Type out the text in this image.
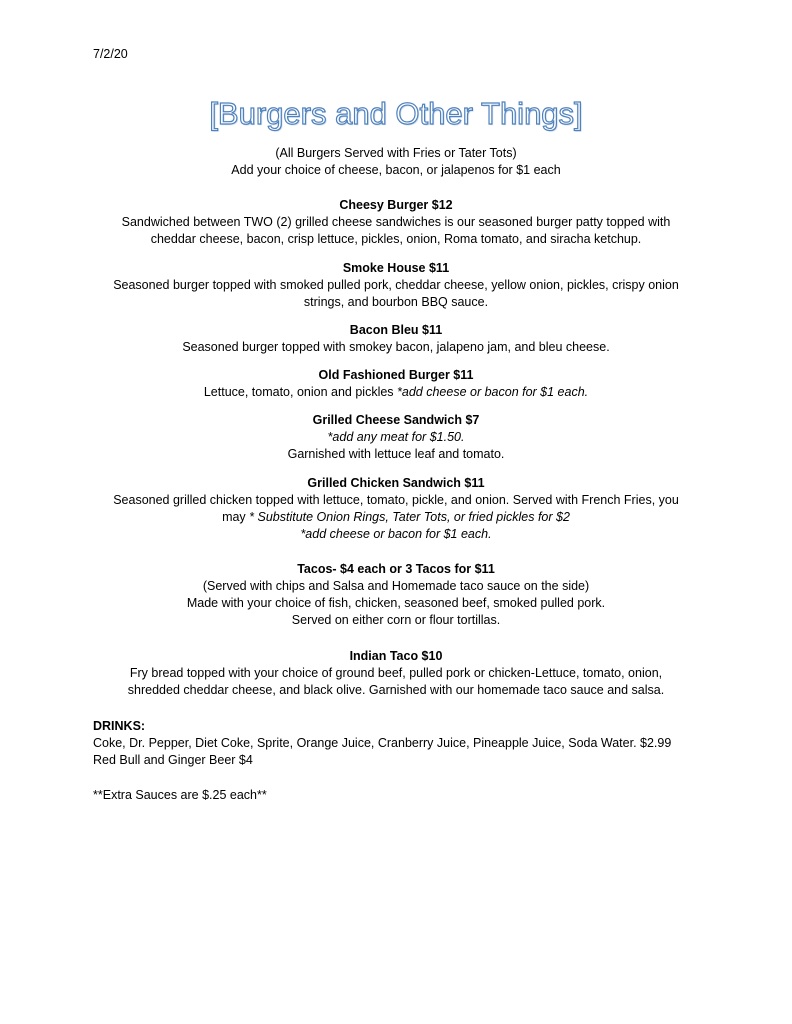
7/2/20
[Burgers and Other Things]

(All Burgers Served with Fries or Tater Tots)

Add your choice of cheese, bacon, or jalapenos for $1 each

Cheesy Burger $12

Sandwiched between TWO (2) grilled cheese sandwiches is our seasoned burger patty topped with

cheddar cheese, bacon, crisp lettuce, pickles, onion, Roma tomato, and siracha ketchup.

Smoke House $11

Seasoned burger topped with smoked pulled pork, cheddar cheese, yellow onion, pickles, crispy onion

strings, and bourbon BBQ sauce.

Bacon Bleu $11

Seasoned burger topped with smokey bacon, jalapeno jam, and bleu cheese.

Old Fashioned Burger $11

Lettuce, tomato, onion and pickles *add cheese or bacon for $1 each.

Grilled Cheese Sandwich $7

*add any meat for $1.50.

Garnished with lettuce leaf and tomato.

Grilled Chicken Sandwich $11

Seasoned grilled chicken topped with lettuce, tomato, pickle, and onion. Served with French Fries, you

may * Substitute Onion Rings, Tater Tots, or fried pickles for $2

*add cheese or bacon for $1 each.

Tacos- $4 each or 3 Tacos for $11

(Served with chips and Salsa and Homemade taco sauce on the side)

Made with your choice of fish, chicken, seasoned beef, smoked pulled pork.

Served on either corn or flour tortillas.

Indian Taco $10

Fry bread topped with your choice of ground beef, pulled pork or chicken-Lettuce, tomato, onion,

shredded cheddar cheese, and black olive. Garnished with our homemade taco sauce and salsa.

DRINKS:

Coke, Dr. Pepper, Diet Coke, Sprite, Orange Juice, Cranberry Juice, Pineapple Juice, Soda Water. $2.99

Red Bull and Ginger Beer $4

**Extra Sauces are $.25 each**
